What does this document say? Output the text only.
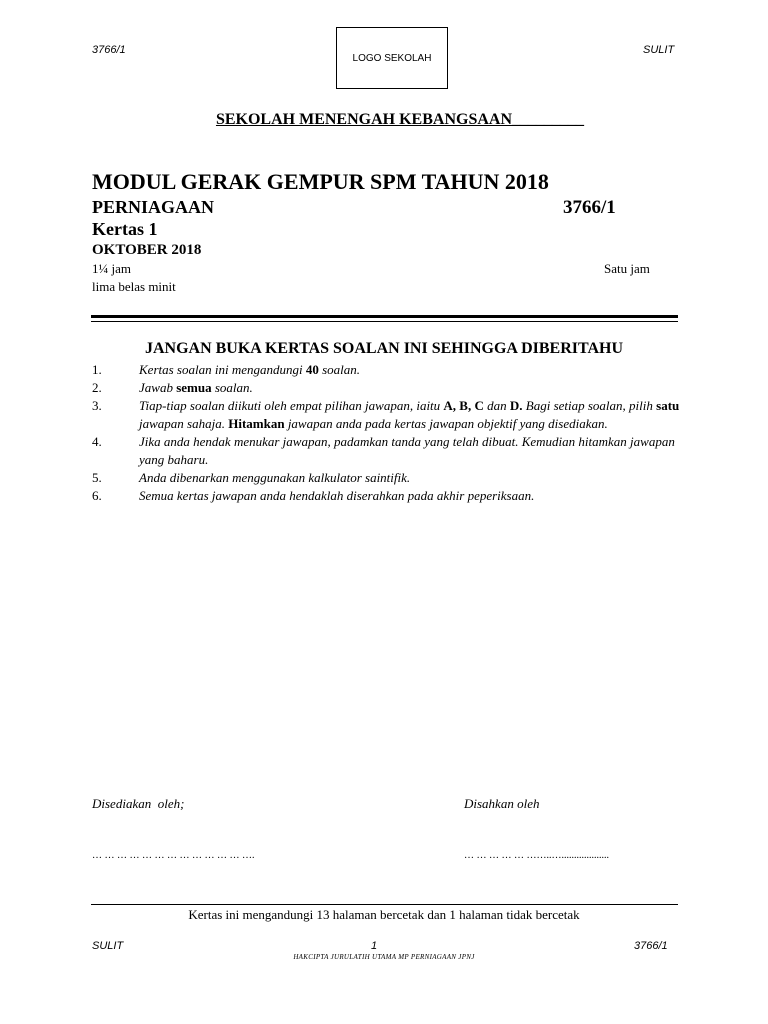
3766/1
LOGO SEKOLAH
SULIT
SEKOLAH MENENGAH KEBANGSAAN_________
MODUL GERAK GEMPUR SPM TAHUN 2018
PERNIAGAAN	3766/1
Kertas 1
OKTOBER 2018
1¼ jam	Satu jam
lima belas minit
JANGAN BUKA KERTAS SOALAN INI SEHINGGA DIBERITAHU
1.	Kertas soalan ini mengandungi 40 soalan.
2.	Jawab semua soalan.
3.	Tiap-tiap soalan diikuti oleh empat pilihan jawapan, iaitu A, B, C dan D. Bagi setiap soalan, pilih satu jawapan sahaja. Hitamkan jawapan anda pada kertas jawapan objektif yang disediakan.
4.	Jika anda hendak menukar jawapan, padamkan tanda yang telah dibuat. Kemudian hitamkan jawapan yang baharu.
5.	Anda dibenarkan menggunakan kalkulator saintifik.
6.	Semua kertas jawapan anda hendaklah diserahkan pada akhir peperiksaan.
Disediakan  oleh;	Disahkan oleh
… … … … … … … … … … … … ….	… … … … … ……..…...................
Kertas ini mengandungi 13 halaman bercetak dan 1 halaman tidak bercetak
SULIT	1	3766/1
HAKCIPTA JURULATIH UTAMA MP PERNIAGAAN JPNJ
